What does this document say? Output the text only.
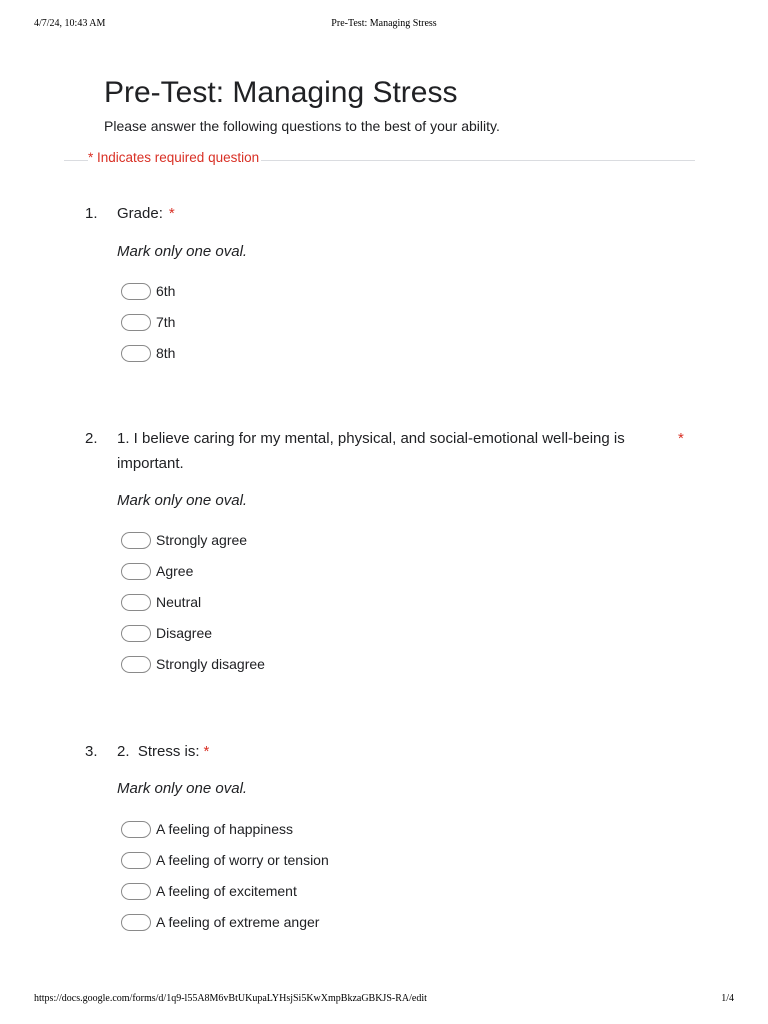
4/7/24, 10:43 AM	Pre-Test: Managing Stress
Pre-Test: Managing Stress

Please answer the following questions to the best of your ability.

* Indicates required question
1. Grade: *
Mark only one oval.
6th
7th
8th
2. 1. I believe caring for my mental, physical, and social-emotional well-being is important.
*
Mark only one oval.
Strongly agree
Agree
Neutral
Disagree
Strongly disagree
3. 2.  Stress is: *
Mark only one oval.
A feeling of happiness
A feeling of worry or tension
A feeling of excitement
A feeling of extreme anger
https://docs.google.com/forms/d/1q9-l55A8M6vBtUKupaLYHsjSi5KwXmpBkzaGBKJS-RA/edit	1/4
